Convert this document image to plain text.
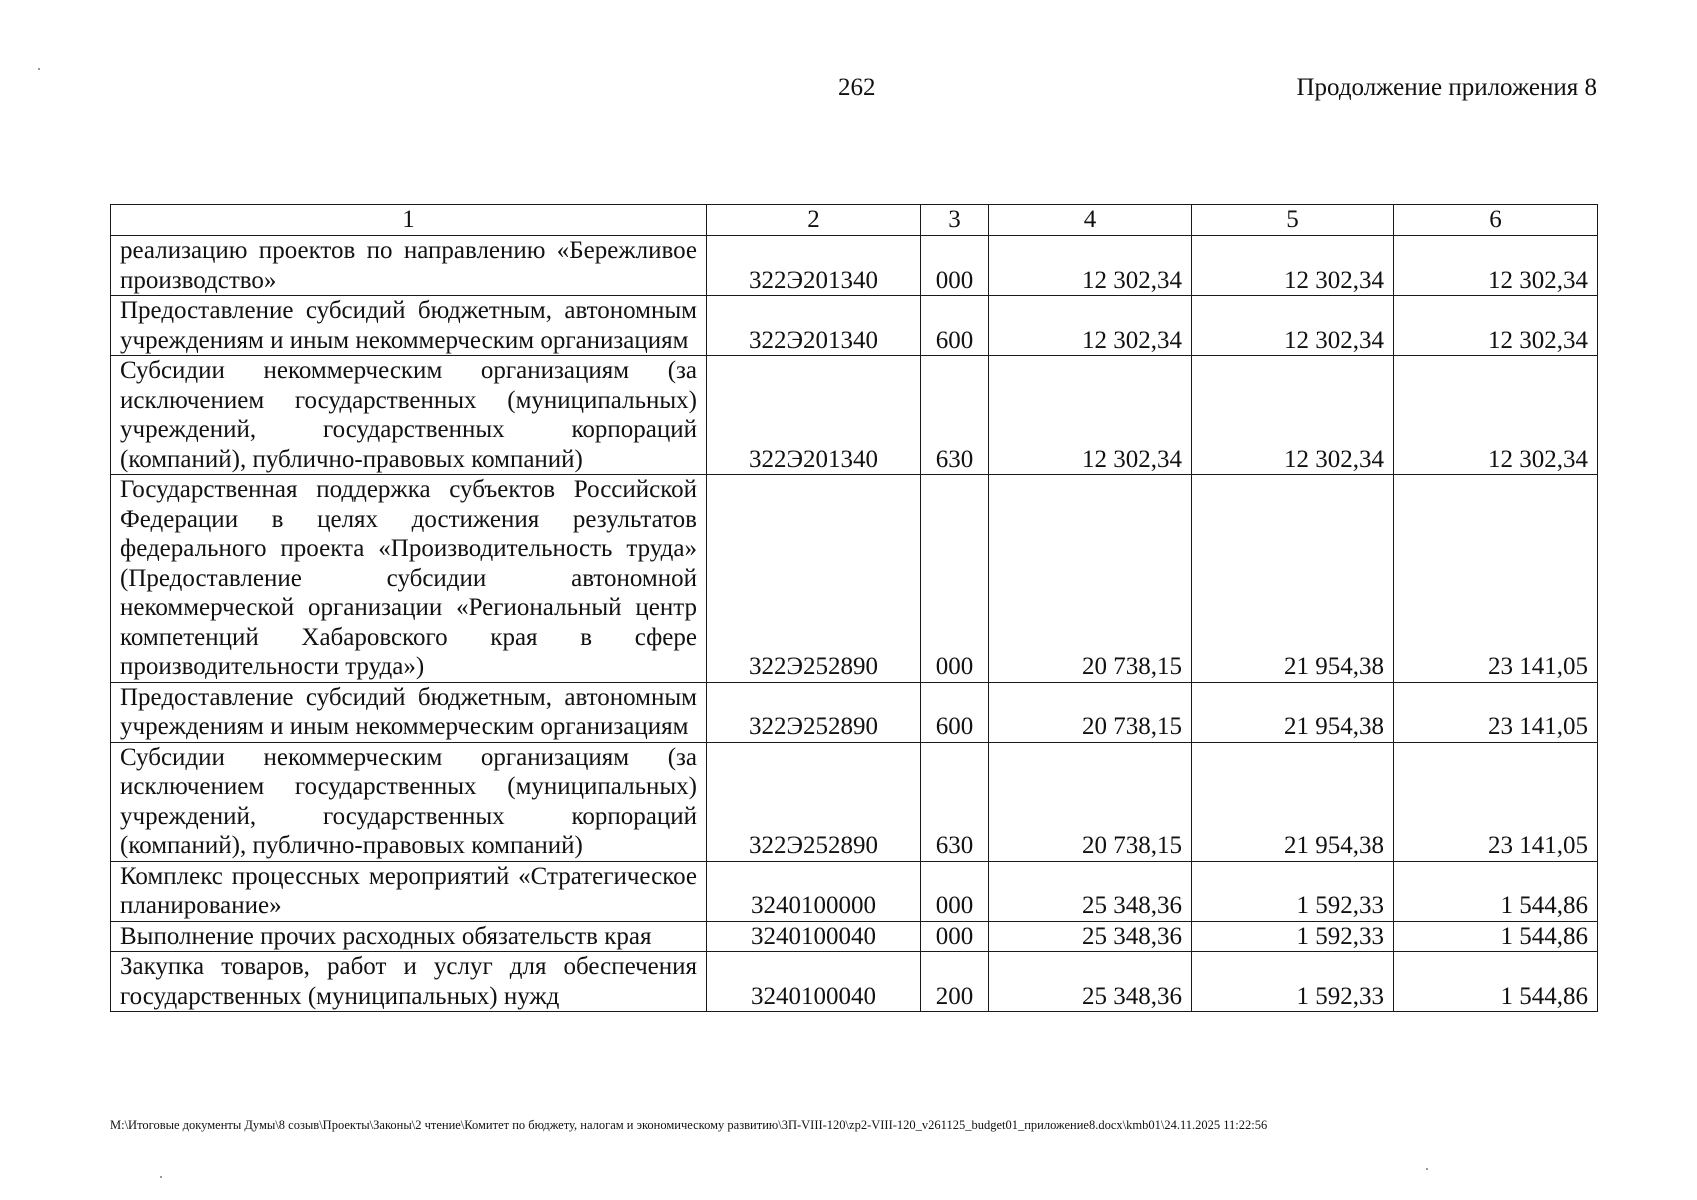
262	Продолжение приложения 8
1	2	3	4	5	6
реализацию проектов по направлению «Бережливое производство»	322Э201340	000	12 302,34	12 302,34	12 302,34
Предоставление субсидий бюджетным, автономным учреждениям и иным некоммерческим организациям	322Э201340	600	12 302,34	12 302,34	12 302,34
Субсидии некоммерческим организациям (за исключением государственных (муниципальных) учреждений, государственных корпораций (компаний), публично-правовых компаний)	322Э201340	630	12 302,34	12 302,34	12 302,34
Государственная поддержка субъектов Российской Федерации в целях достижения результатов федерального проекта «Производительность труда» (Предоставление субсидии автономной некоммерческой организации «Региональный центр компетенций Хабаровского края в сфере производительности труда»)	322Э252890	000	20 738,15	21 954,38	23 141,05
Предоставление субсидий бюджетным, автономным учреждениям и иным некоммерческим организациям	322Э252890	600	20 738,15	21 954,38	23 141,05
Субсидии некоммерческим организациям (за исключением государственных (муниципальных) учреждений, государственных корпораций (компаний), публично-правовых компаний)	322Э252890	630	20 738,15	21 954,38	23 141,05
Комплекс процессных мероприятий «Стратегическое планирование»	3240100000	000	25 348,36	1 592,33	1 544,86
Выполнение прочих расходных обязательств края	3240100040	000	25 348,36	1 592,33	1 544,86
Закупка товаров, работ и услуг для обеспечения государственных (муниципальных) нужд	3240100040	200	25 348,36	1 592,33	1 544,86
M:\Итоговые документы Думы\8 созыв\Проекты\Законы\2 чтение\Комитет по бюджету, налогам и экономическому развитию\3П-VIII-120\zp2-VIII-120_v261125_budget01_приложение8.docx\kmb01\24.11.2025 11:22:56
